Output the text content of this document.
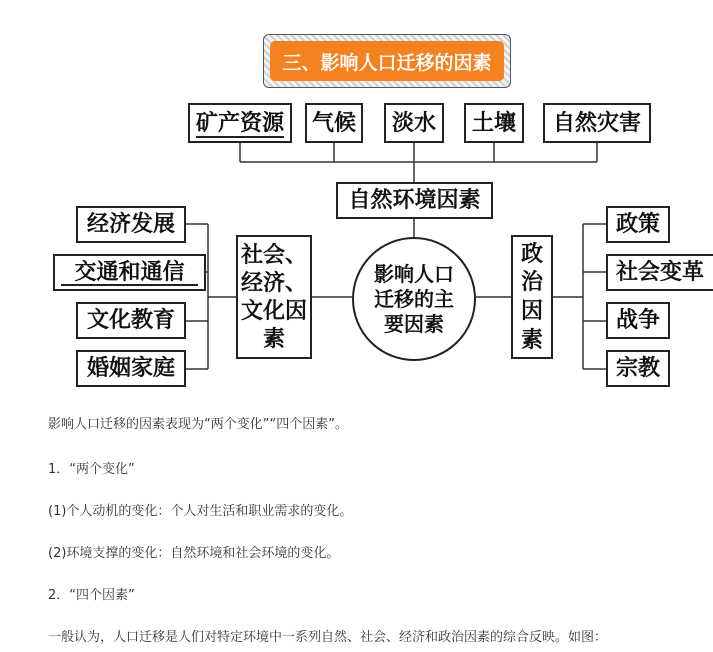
三、影响人口迁移的因素
矿产资源	气候	淡水	土壤	自然灾害
自然环境因素
经济发展
交通和通信
文化教育
婚姻家庭
社会、经济、文化因素
影响人口迁移的主要因素
政治因素
政策
社会变革
战争
宗教
影响人口迁移的因素表现为“两个变化”“四个因素”。
1．“两个变化”
(1)个人动机的变化：个人对生活和职业需求的变化。
(2)环境支撑的变化：自然环境和社会环境的变化。
2．“四个因素”
一般认为，人口迁移是人们对特定环境中一系列自然、社会、经济和政治因素的综合反映。如图：
